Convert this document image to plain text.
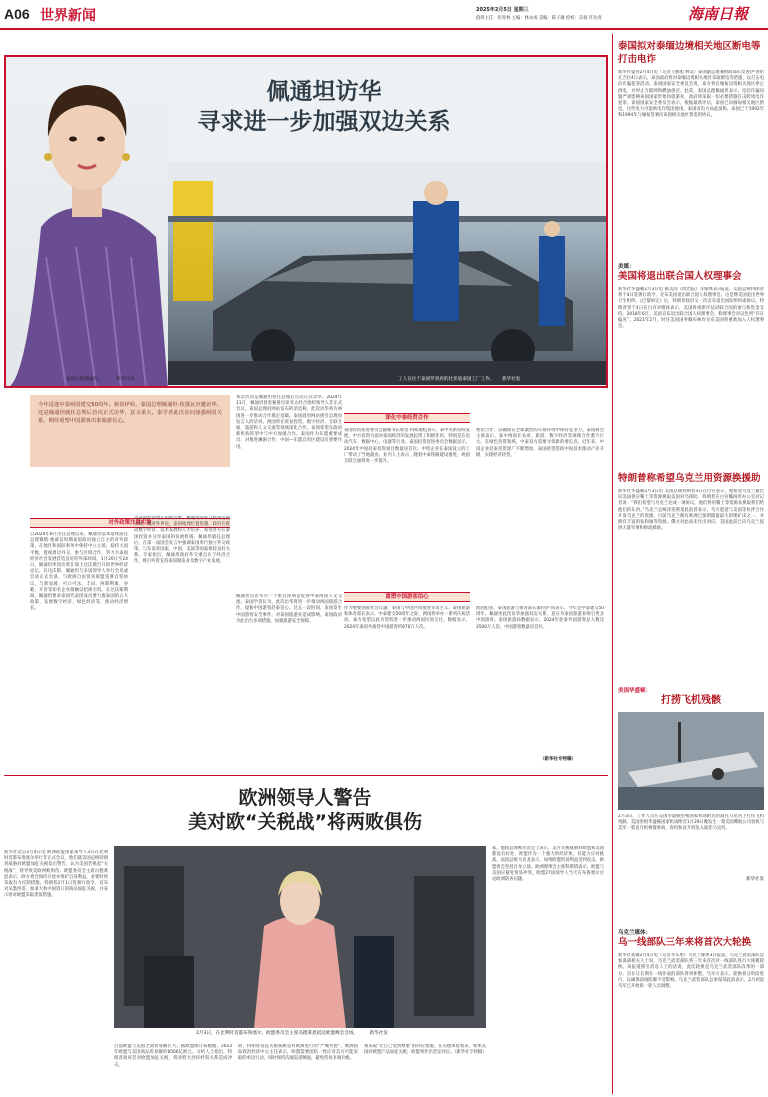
A06 世界新闻	2025年2月5日 星期三
值班主任：彭青林 主编：林永成 美编：陈子敏 检校：东娟 许达青	海南日報
佩通坦访华
寻求进一步加强双边关系
泰国总理佩通坦。	新华社发	工人在位于泰国罗勇府的比亚迪泰国工厂工作。 新华社发
今年适逢中泰两国建交50周年。新春伊始，泰国总理佩通坦·钦那瓦应邀访华，这是佩通坦就任总理后首次正式访华，意义重大。泰学者此次访问加强两国关系，期待重塑中国游客出泰旅游信心。
对外政策注重实效
自2024年8月出任总理以来，佩通坦基本延续前任总理赛塔·他威信时期泰国政府独立自主的对外政策，在地区和国际事务中保持中立立场，稳持大国平衡，置视周边外交，参与区域合作，努力为泰国经济社会发展营造良好的外部环境。1月20日至24日，佩通坦率团出席在瑞士达沃斯召开的世界经济论坛。在达沃斯，佩通坦与多国领导人举行会见或会谈正式会谈，与欧洲自由贸易联盟签署自贸协议，与新加坡、可口可乐、丰田、阿斯利康、谷歌、开普等知名企业接触以招商引资。在达沃斯期间，佩通坦要求泰国代表团成员要力推泰国的五大政策，发展数字经济、绿色经济等，推动经济增长。
为泰国经济增长的新引擎。佩通坦的外交政策注重实效。她对外界说，泰国地理位置优越，政府在推动数字经济、技术发展和人才培养，希望各方在泰国投资并分享泰国的发展机遇。佩通坦就任总理后，在第一届国会发言中强调泰国奉行独立外交政策，与东南亚国家、中国、美国等国家保持良好关系。专家指出，佩通坦政府外交重点在于经济合作，吸引外资支持泰国制造业及数字产业发展。
本次访问是佩通坦担任总理后首次正式访华。2024年11月，佩通坦曾赴秘鲁出席亚太经合组织领导人非正式会议。泰国总理府网站发布的消息称，此次访华将为两国进一步推动合作奠定基础。泰国政府网站援引总理府发言人的话说，两国将在贸易投资、数字经济、互联互通、旅游和人文交流等领域深化合作。泰国希望在政府新机构转型中与中方加强合作。泰国作为东盟重要成员，对推进澜湄合作、中国—东盟自贸区建设有重要作用。
深化中泰经贸合作
泰国投资促进委员会副秘书长那里·特斯迪松表示，泰中关系持续发展，中方投资方面对泰国经济的发展起到了积极作用，特别是在电动汽车、数据中心、电器等行业。泰国投资促进委员会数据显示，2024年中国赴泰投资项目数量居首位。中资企业在泰国设立的工厂带动了当地就业。业内人士表示，随着中泰铁路建设推进，两国互联互通将进一步提升。
密切合作，以确保在全球激烈的市场环境中保持竞争力。泰国商会主席表示，泰中两国在农业、旅游、数字经济等领域合作潜力巨大。在绿色投资领域，中泰双方需要寻找新的增长点。近年来，中国企业赴泰投资建厂不断增加，泰国希望借助中国技术推动产业升级，实现经济转型。
佩通坦出访华另一个重点预期是促进中泰两国人文交流。泰国学者认为，此次访华将进一步推动两国旅游合作，提振中国游客赴泰信心。过去一段时间，泰国发生中国游客安全事件，对泰国旅游业造成影响。泰国政府为此出台多项措施，加强旅游安全保障。
重塑中国游客信心
作为重要国际社会议题，泰国与中国共同推进多边主义。泰国旅游和体育部长表示，中泰建交50周年之际，两国将举办一系列庆祝活动，泰方希望以此为契机进一步推动两国民间交往。数据显示，2024年泰国共接待中国游客约670万人次。
跨国犯罪。泰国旅游与体育部长素拉萨·同表示，今年是中泰建交50周年，佩通坦此次访华加强双边关系，意在为泰国旅游业吸引更多中国游客。泰国旅游局数据显示，2024年赴泰外国游客总人数达3500万人次，中国游客数量居首位。
（新华社专特稿）
欧洲领导人警告
美对欧“关税战”将两败俱伤
新华社北京2月4日电 欧洲联盟国家领导人3日在比利时首都布鲁塞尔举行非正式会议，他们就美国总统特朗普威胁对欧盟加征关税发出警告，认为美国若挑起“关税战”，将导致美欧两败俱伤。欧盟委员会主席冯德莱恩表示，欧方将会保持开放并维护自身利益，必要时将采取有力反制措施。特朗普2月1日签署行政令，宣布对从墨西哥、加拿大和中国进口的商品加征关税，并表示将对欧盟采取类似措施。
2月3日，在比利时首都布鲁塞尔，欧盟委员会主席冯德莱恩抵达欧盟峰会会场。 新华社发
家。德国总理朔尔茨会上表示，美方关税威胁对欧盟和美国都没有好处，欧盟作为一个强大的经济体，有能力应对挑战。法国总统马克龙表示，如果欧盟贸易利益受到攻击，欧盟将会坚持自身立场。欧洲理事会主席科斯塔表示，欧盟与美国应避免贸易冲突。欧盟27国领导人当天在布鲁塞尔讨论欧洲防务问题。
目前欧盟与美国之间贸易额巨大。据欧盟统计局数据，2023年欧盟与美国商品贸易额约8500亿欧元。分析人士指出，特朗普政府若对欧盟加征关税，将对跨大西洋经贸关系造成冲击。
故，特朗普发起关税威胁是对欧洲进行的“严峻考验”。欧洲国际政治经济中心主任表示，欧盟需要团结一致应对美方可能采取的单边行动，同时保持沟通渠道畅通，避免贸易争端升级。
须采取“让自己受到尊重”的回应措施。在冯德莱恩看来，如果美国对欧盟产品加征关税，欧盟将作出坚定回应。（新华社专特稿）
泰国拟对泰缅边境相关地区断电等打击电诈
新华社曼谷2月4日电（记者王腾旭 林昊）泰国副总理兼财政部长皮查伊·春哈瓦吉拉4日表示，泰国政府将对泰缅边境相关地区采取断电等措施，以打击电信诈骗犯罪活动。泰国国家安全委员会说，泰方将在缅甸边境相关地区停止供电，并停止互联网和燃油供应。此前，泰国总理佩通坦表示，电信诈骗问题严重影响泰国国家形象和旅游业，政府将采取一切必要措施打击跨境电诈犯罪。泰国国家安全委员会表示，根据最新评估，泰国已向缅甸相关地区供电，这些电力可能被电诈集团使用。泰国省电力局此前称，泰国已于1992年和1994年与缅甸签署向该国相关地区售电的协议。
美媒：
美国将退出联合国人权理事会
新华社华盛顿2月3日电 据美国《政治报》等媒体3日报道，美国总统特朗普将于4日签署行政令，宣布美国退出联合国人权理事会。这是继美国退出世界卫生组织、《巴黎协定》后，特朗普政府又一次宣布退出国际组织或协议。特朗普曾于4日在白宫对媒体表示，美国将重新评估对联合国的参与和资金支持。2018年6月，美国宣布退出联合国人权理事会，称理事会对以色列“存在偏见”。2021年2月，时任美国国务卿布林肯宣布美国将重新加入人权理事会。
特朗普称希望乌克兰用资源换援助
新华社华盛顿2月3日电 美国总统特朗普3日在白宫表示，他希望乌克兰通过向美国供应稀土等资源换取美国对乌援助。特朗普在白宫椭圆形办公室对记者说：“我们希望与乌克兰达成一项协议，他们将用稀土等资源来换取我们给他们的东西。”乌克兰总统泽连斯基此前曾表示，乌方愿意与美国等伙伴合作开发乌克兰的资源。目前乌克兰拥有欧洲已探明储量最大的锂矿床之一，并拥有丰富的钛和铀等资源。俄方对此尚未作出回应。美国此前已向乌克兰提供大量军事和财政援助。
美国华盛顿：
打捞飞机残骸
2月3日，工作人员在美国华盛顿里根国家机场附近的波托马克河上打捞飞机残骸。美国里根华盛顿国家机场附近1月29日晚发生一架美国鹰航公司客机与美军一架直升机相撞事故，客机和直升机坠入波托马克河。
新华社发
乌克兰媒体：
乌一线部队三年来将首次大轮换
新华社基辅2月4日电（记者李东旭）乌克兰媒体3日报道，乌克兰武装部队总参谋部相关人士说，乌克兰武装部队将三年来首次对一线部队进行大规模轮换。该报道援引消息人士的话说，此次轮换是乌克兰武装部队改革的一部分，旨在让长期在一线作战的部队得到休整。乌军方表示，轮换将分阶段进行，以确保前线防御不受影响。乌克兰武装部队总参谋部此前表示，2月初起乌军已开始新一轮人员调整。
